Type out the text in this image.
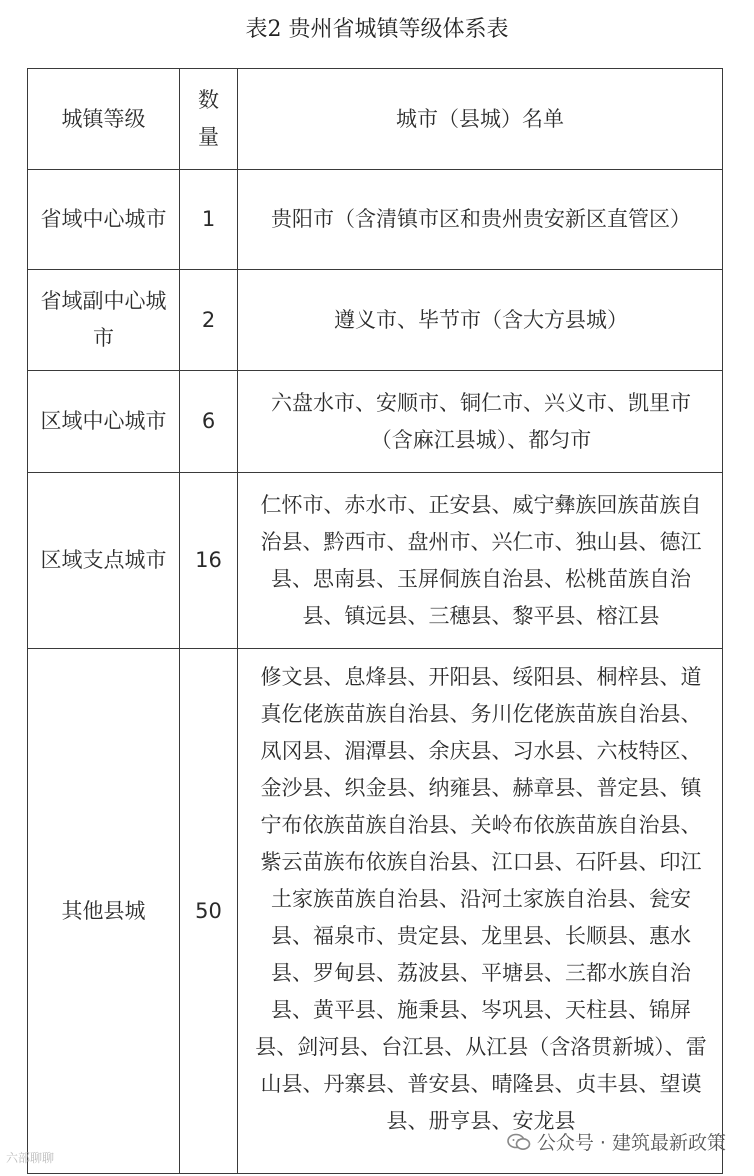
表2 贵州省城镇等级体系表
城镇等级	数量	城市（县城）名单
省域中心城市	1	贵阳市（含清镇市区和贵州贵安新区直管区）
省域副中心城市	2	遵义市、毕节市（含大方县城）
区域中心城市	6	六盘水市、安顺市、铜仁市、兴义市、凯里市（含麻江县城）、都匀市
区域支点城市	16	仁怀市、赤水市、正安县、威宁彝族回族苗族自治县、黔西市、盘州市、兴仁市、独山县、德江县、思南县、玉屏侗族自治县、松桃苗族自治县、镇远县、三穗县、黎平县、榕江县
其他县城	50	修文县、息烽县、开阳县、绥阳县、桐梓县、道真仡佬族苗族自治县、务川仡佬族苗族自治县、凤冈县、湄潭县、余庆县、习水县、六枝特区、金沙县、织金县、纳雍县、赫章县、普定县、镇宁布依族苗族自治县、关岭布依族苗族自治县、紫云苗族布依族自治县、江口县、石阡县、印江土家族苗族自治县、沿河土家族自治县、瓮安县、福泉市、贵定县、龙里县、长顺县、惠水县、罗甸县、荔波县、平塘县、三都水族自治县、黄平县、施秉县、岑巩县、天柱县、锦屏县、剑河县、台江县、从江县（含洛贯新城）、雷山县、丹寨县、普安县、晴隆县、贞丰县、望谟县、册亨县、安龙县
六部聊聊
公众号 · 建筑最新政策
